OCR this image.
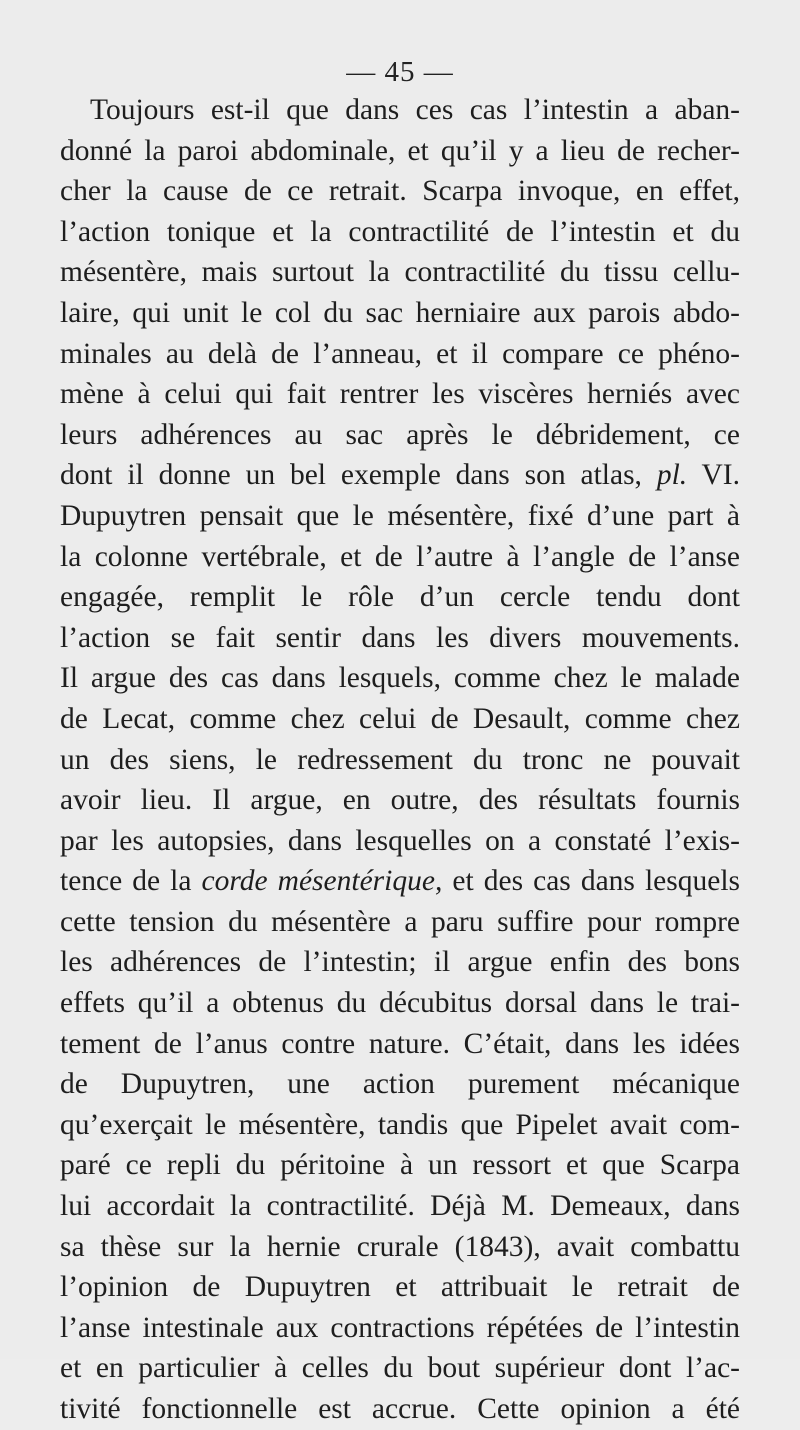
— 45 —
Toujours est-il que dans ces cas l’intestin a aban-
donné la paroi abdominale, et qu’il y a lieu de recher-
cher la cause de ce retrait. Scarpa invoque, en effet,
l’action tonique et la contractilité de l’intestin et du
mésentère, mais surtout la contractilité du tissu cellu-
laire, qui unit le col du sac herniaire aux parois abdo-
minales au delà de l’anneau, et il compare ce phéno-
mène à celui qui fait rentrer les viscères herniés avec
leurs adhérences au sac après le débridement, ce
dont il donne un bel exemple dans son atlas, pl. VI.
Dupuytren pensait que le mésentère, fixé d’une part à
la colonne vertébrale, et de l’autre à l’angle de l’anse
engagée, remplit le rôle d’un cercle tendu dont
l’action se fait sentir dans les divers mouvements.
Il argue des cas dans lesquels, comme chez le malade
de Lecat, comme chez celui de Desault, comme chez
un des siens, le redressement du tronc ne pouvait
avoir lieu. Il argue, en outre, des résultats fournis
par les autopsies, dans lesquelles on a constaté l’exis-
tence de la corde mésentérique, et des cas dans lesquels
cette tension du mésentère a paru suffire pour rompre
les adhérences de l’intestin; il argue enfin des bons
effets qu’il a obtenus du décubitus dorsal dans le trai-
tement de l’anus contre nature. C’était, dans les idées
de Dupuytren, une action purement mécanique
qu’exerçait le mésentère, tandis que Pipelet avait com-
paré ce repli du péritoine à un ressort et que Scarpa
lui accordait la contractilité. Déjà M. Demeaux, dans
sa thèse sur la hernie crurale (1843), avait combattu
l’opinion de Dupuytren et attribuait le retrait de
l’anse intestinale aux contractions répétées de l’intestin
et en particulier à celles du bout supérieur dont l’ac-
tivité fonctionnelle est accrue. Cette opinion a été
